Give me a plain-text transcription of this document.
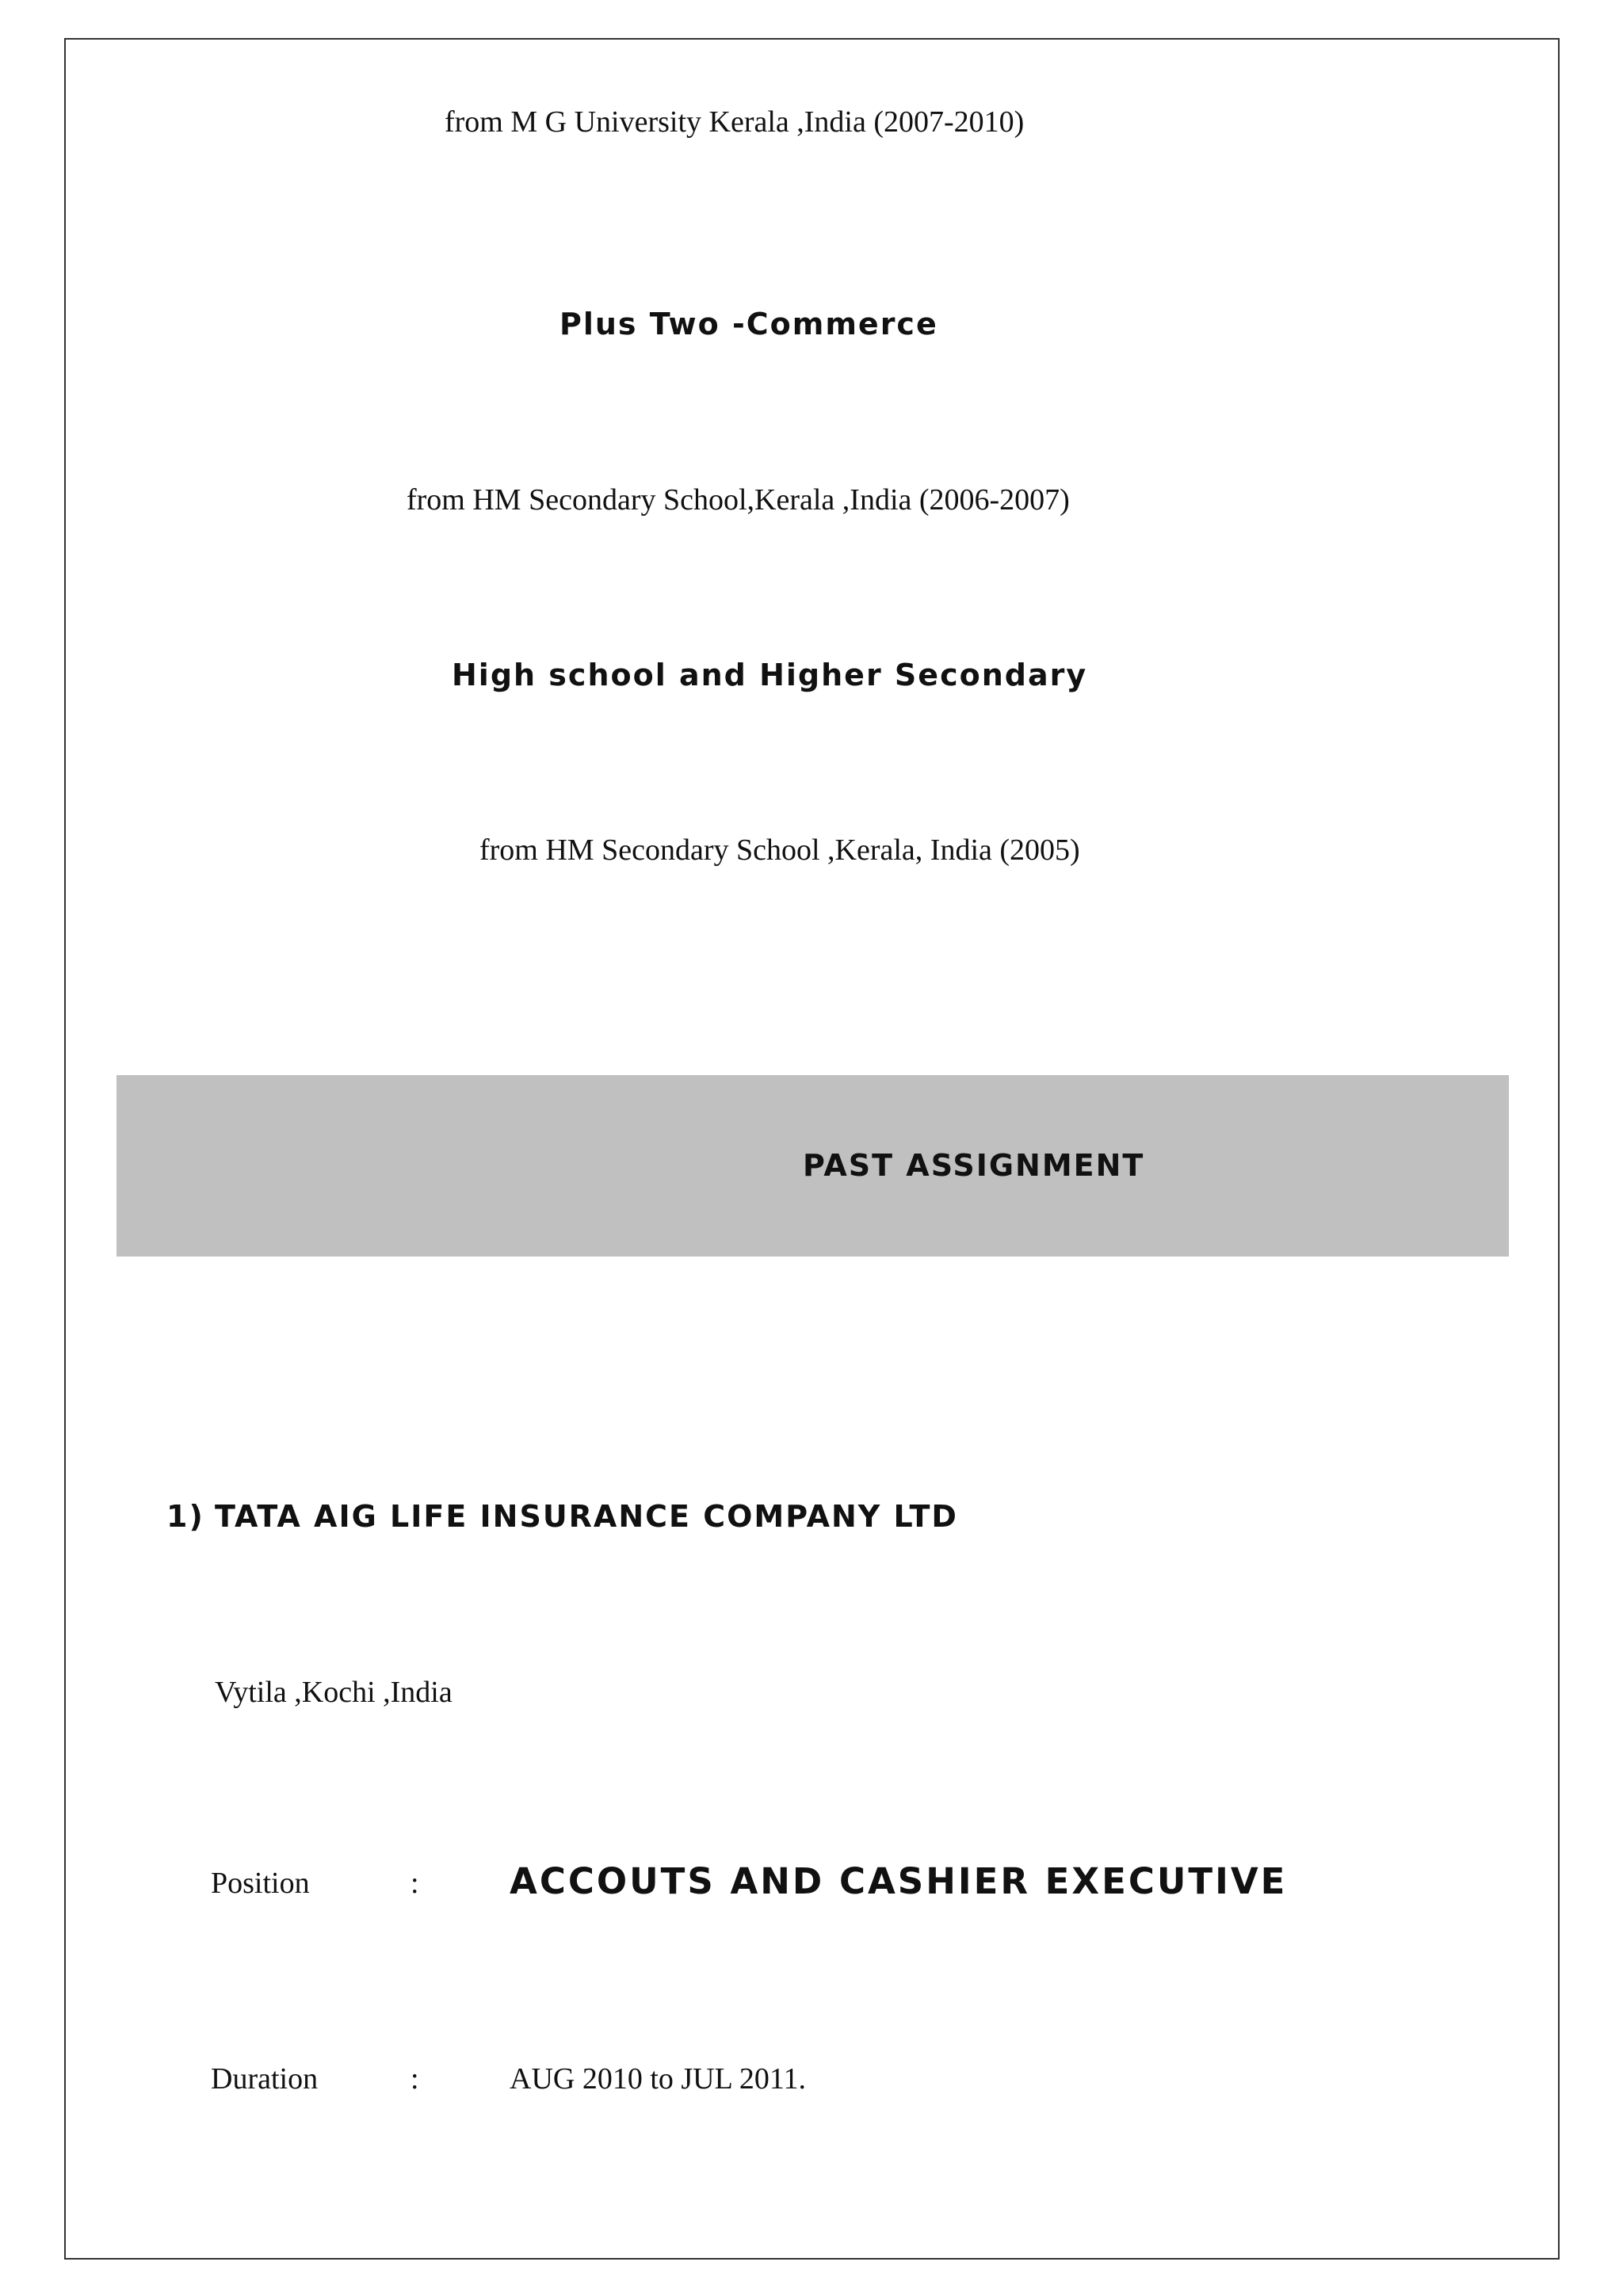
from M G University Kerala ,India (2007-2010)
Plus Two -Commerce
from HM Secondary School,Kerala ,India (2006-2007)
High school and Higher Secondary
from HM Secondary School ,Kerala, India (2005)
PAST ASSIGNMENT
1) TATA AIG LIFE INSURANCE COMPANY LTD
Vytila ,Kochi ,India
Position	:	ACCOUTS AND CASHIER EXECUTIVE
Duration	:	AUG 2010 to JUL 2011.
